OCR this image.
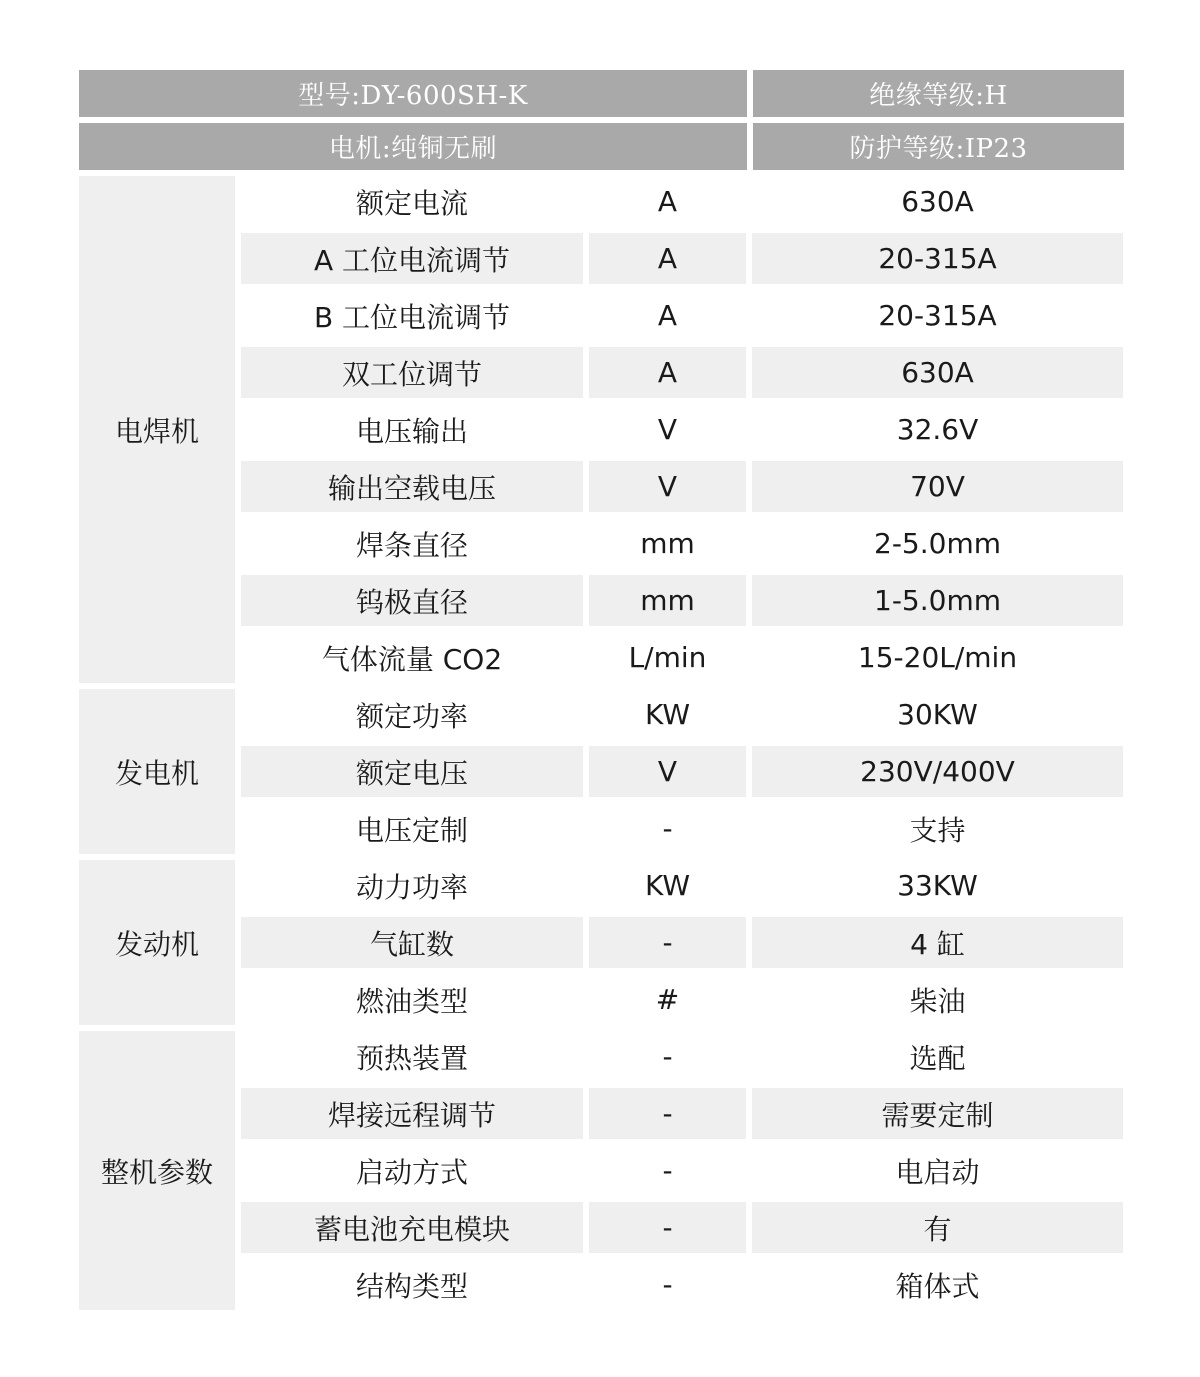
型号:DY-600SH-K	绝缘等级:H
电机:纯铜无刷	防护等级:IP23
电焊机
额定电流	A	630A
A 工位电流调节	A	20-315A
B 工位电流调节	A	20-315A
双工位调节	A	630A
电压输出	V	32.6V
输出空载电压	V	70V
焊条直径	mm	2-5.0mm
钨极直径	mm	1-5.0mm
气体流量 CO2	L/min	15-20L/min
发电机
额定功率	KW	30KW
额定电压	V	230V/400V
电压定制	-	支持
发动机
动力功率	KW	33KW
气缸数	-	4 缸
燃油类型	#	柴油
整机参数
预热装置	-	选配
焊接远程调节	-	需要定制
启动方式	-	电启动
蓄电池充电模块	-	有
结构类型	-	箱体式
